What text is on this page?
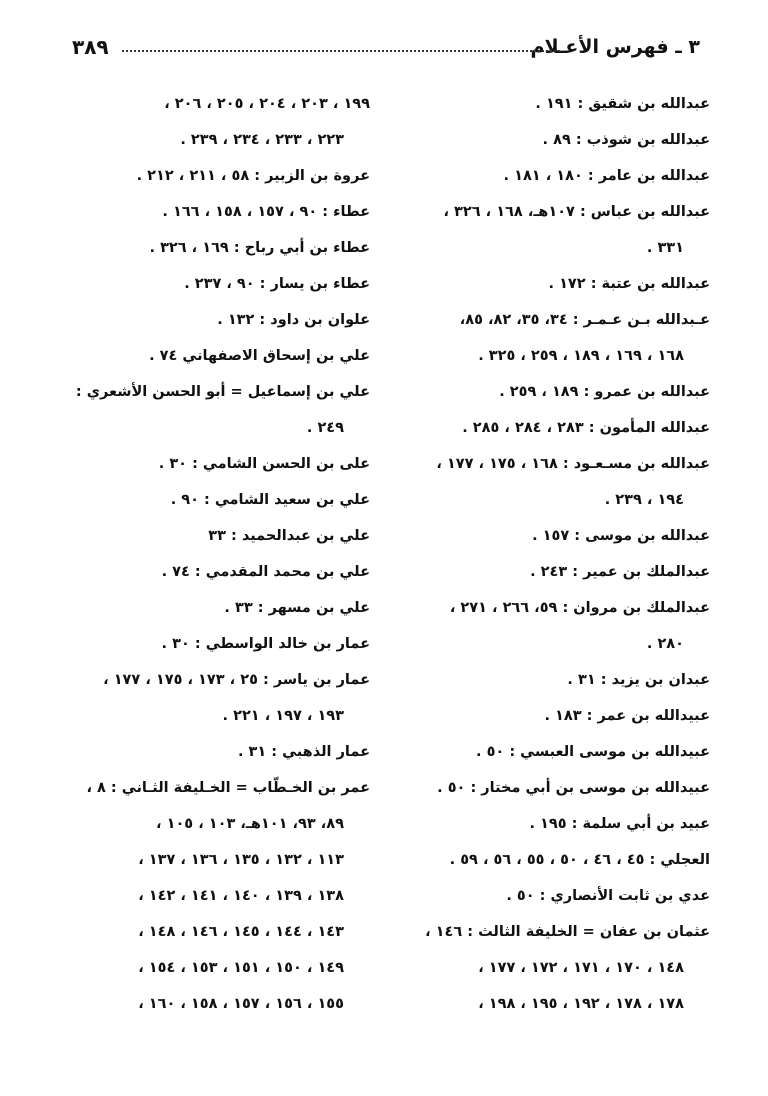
٣ ـ فهرس الأعـلام
٣٨٩
عبدالله بن شقيق : ١٩١ .
عبدالله بن شوذب : ٨٩ .
عبدالله بن عامر : ١٨٠ ، ١٨١ .
عبدالله بن عباس : ١٠٧هـ، ١٦٨ ، ٣٢٦ ،
٣٣١ .
عبدالله بن عتبة : ١٧٢ .
عـبدالله بـن عـمـر : ٣٤، ٣٥، ٨٢، ٨٥،
١٦٨ ، ١٦٩ ، ١٨٩ ، ٢٥٩ ، ٣٢٥ .
عبدالله بن عمرو : ١٨٩ ، ٢٥٩ .
عبدالله المأمون : ٢٨٣ ، ٢٨٤ ، ٢٨٥ .
عبدالله بن مسـعـود : ١٦٨ ، ١٧٥ ، ١٧٧ ،
١٩٤ ، ٢٣٩ .
عبدالله بن موسى : ١٥٧ .
عبدالملك بن عمير : ٢٤٣ .
عبدالملك بن مروان : ٥٩، ٢٦٦ ، ٢٧١ ،
٢٨٠ .
عبدان بن يزيد : ٣١ .
عبيدالله بن عمر : ١٨٣ .
عبيدالله بن موسى العبسي : ٥٠ .
عبيدالله بن موسى بن أبي مختار : ٥٠ .
عبيد بن أبي سلمة : ١٩٥ .
العجلي : ٤٥ ، ٤٦ ، ٥٠ ، ٥٥ ، ٥٦ ، ٥٩ .
عدي بن ثابت الأنصاري : ٥٠ .
عثمان بن عفان = الخليفة الثالث : ١٤٦ ،
١٤٨ ، ١٧٠ ، ١٧١ ، ١٧٢ ، ١٧٧ ،
١٧٨ ، ١٧٨ ، ١٩٢ ، ١٩٥ ، ١٩٨ ،
١٩٩ ، ٢٠٣ ، ٢٠٤ ، ٢٠٥ ، ٢٠٦ ،
٢٢٣ ، ٢٣٣ ، ٢٣٤ ، ٢٣٩ .
عروة بن الزبير : ٥٨ ، ٢١١ ، ٢١٢ .
عطاء : ٩٠ ، ١٥٧ ، ١٥٨ ، ١٦٦ .
عطاء بن أبي رباح : ١٦٩ ، ٣٢٦ .
عطاء بن يسار : ٩٠ ، ٢٣٧ .
علوان بن داود : ١٣٢ .
علي بن إسحاق الاصفهاني ٧٤ .
علي بن إسماعيل = أبو الحسن الأشعري :
٢٤٩ .
على بن الحسن الشامي : ٣٠ .
علي بن سعيد الشامي : ٩٠ .
علي بن عبدالحميد : ٣٣
علي بن محمد المقدمي : ٧٤ .
علي بن مسهر : ٣٣ .
عمار بن خالد الواسطي : ٣٠ .
عمار بن ياسر : ٢٥ ، ١٧٣ ، ١٧٥ ، ١٧٧ ،
١٩٣ ، ١٩٧ ، ٢٢١ .
عمار الذهبي : ٣١ .
عمر بن الخـطّاب = الخـليفة الثـاني : ٨ ،
٨٩، ٩٣، ١٠١هـ، ١٠٣ ، ١٠٥ ،
١١٣ ، ١٣٢ ، ١٣٥ ، ١٣٦ ، ١٣٧ ،
١٣٨ ، ١٣٩ ، ١٤٠ ، ١٤١ ، ١٤٢ ،
١٤٣ ، ١٤٤ ، ١٤٥ ، ١٤٦ ، ١٤٨ ،
١٤٩ ، ١٥٠ ، ١٥١ ، ١٥٣ ، ١٥٤ ،
١٥٥ ، ١٥٦ ، ١٥٧ ، ١٥٨ ، ١٦٠ ،
